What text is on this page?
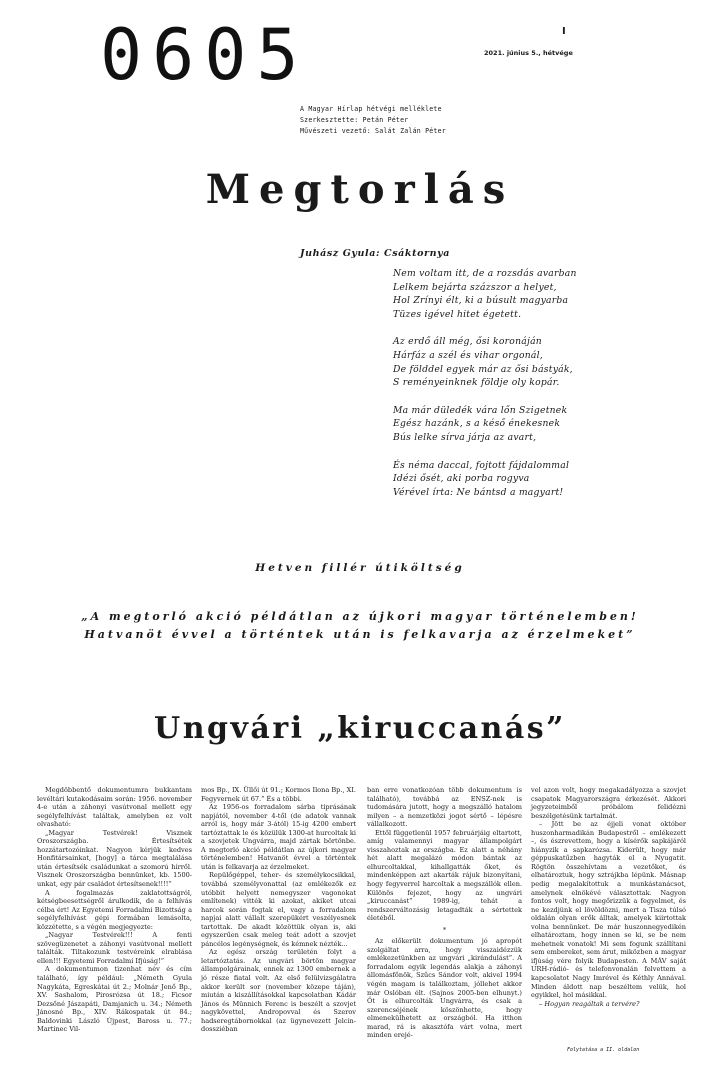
0605	I
2021. június 5., hétvége
A Magyar Hírlap hétvégi melléklete
Szerkesztette: Petán Péter
Művészeti vezető: Salát Zalán Péter
Megtorlás
Juhász Gyula: Csáktornya
Nem voltam itt, de a rozsdás avarban
Lelkem bejárta százszor a helyet,
Hol Zrínyi élt, ki a búsult magyarba
Tüzes igével hitet égetett.
Az erdő áll még, ősi koronáján
Hárfáz a szél és vihar orgonál,
De földdel egyek már az ősi bástyák,
S reményeinknek földje oly kopár.
Ma már düledék vára lőn Szigetnek
Egész hazánk, s a késő énekesnek
Bús lelke sírva járja az avart,
És néma daccal, fojtott fájdalommal
Idézi ősét, aki porba rogyva
Vérével írta: Ne bántsd a magyart!
Hetven fillér útiköltség
„A megtorló akció példátlan az újkori magyar történelemben! Hatvanöt évvel a történtek után is felkavarja az érzelmeket”
Ungvári „kiruccanás”

Megdöbbentő dokumentumra bukkantam levéltári kutakodásaim során: 1956. november 4-e után a záhonyi vasútvonal mellett egy segélyfelhívást találtak, amelyben ez volt olvasható:

„Magyar Testvérek! Visznek Oroszországba. Értesítsétek hozzátartozóinkat. Nagyon kérjük kedves Honfitársainkat, [hogy] a tárca megtalálása után értesítsék családunkat a szomorú hírről. Visznek Oroszországba bennünket, kb. 1500-unkat, egy pár családot értesítsenek!!!!”

A fogalmazás zaklatottságról, kétségbeesettségről árulkodik, de a felhívás célba ért! Az Egyetemi Forradalmi Bizottság a segélyfelhívást gépi formában lemásolta, közzétette, s a végén megjegyezte:

„Nagyar Testvérek!!! A fenti szövegüzenetet a záhonyi vasútvonal mellett találták. Tiltakozunk testvéreink elrablása ellen!!! Egyetemi Forradalmi Ifjúság!”

A dokumentumon tizenhat név és cím található, így például: „Németh Gyula Nagykáta, Egreskátai út 2.; Molnár Jenő Bp., XV. Sashalom, Pirosrózsa út 18.; Ficsor Dezsőné Jászapáti, Damjanich u. 34.; Németh Jánosné Bp., XIV. Rákospatak út 84.; Baldovinki László Újpest, Baross u. 77.; Martinec Vil-

mos Bp., IX. Üllői út 91.; Kormos Ilona Bp., XI. Fegyvernek út 67.” És a többi.

Az 1956-os forradalom sárba tiprásának napjától, november 4-től (de adatok vannak arról is, hogy már 3-ától) 15-ig 4200 embert tartóztattak le és közülük 1300-at hurcoltak ki a szovjetek Ungvárra, majd zártak börtönbe. A megtorló akció példátlan az újkori magyar történelemben! Hatvanöt évvel a történtek után is felkavarja az érzelmeket.

Repülőgéppel, teher- és személykocsikkal, továbbá személyvonattal (az emlékezők ez utóbbit helyett nemegyszer vagonokat említenek) vitték ki azokat, akiket utcai harcok során fogtak el, vagy a forradalom napjai alatt vállalt szerepükért veszélyesnek tartottak. De akadt közöttük olyan is, aki egyszerűen csak meleg teát adott a szovjet páncélos legénységnek, és kémnek nézték...

Az egész ország területén folyt a letartóztatás. Az ungvári börtön magyar állampolgárainak, ennek az 1300 embernek a jó része fiatal volt. Az első felülvizsgálatra akkor került sor (november közepe táján), miután a kiszállításokkal kapcsolatban Kádár János és Münnich Ferenc is beszélt a szovjet nagykövettel, Andropovval és Szerov hadseregtábornokkal (az ügynevezett Jelcin-dossziéban

ban erre vonatkozóan több dokumentum is található), továbbá az ENSZ-nek is tudomására jutott, hogy a megszálló hatalom milyen – a nemzetközi jogot sértő – lépésre vállalkozott.

Ettől függetlenül 1957 februárjáig eltartott, amíg valamennyi magyar állampolgárt visszahoztak az országba. Ez alatt a néhány hét alatt megalázó módon bántak az elhurcoltakkal, kihallgatták őket, és mindenképpen azt akarták rájuk bizonyítani, hogy fegyverrel harcoltak a megszállók ellen. Különös fejezet, hogy az ungvári „kiruccanást” 1989-ig, tehát a rendszerváltozásig letagadták a sértettek életéből.

*

Az előkerült dokumentum jó apropót szolgáltat arra, hogy visszaidézzük emlékezetünkben az ungvári „kirándulást”. A forradalom egyik legendás alakja a záhonyi állomásfőnök, Szűcs Sándor volt, akivel 1994 végén magam is találkoztam, jóllehet akkor már Oslóban élt. (Sajnos 2005-ben elhunyt.) Őt is elhurcolták Ungvárra, és csak a szerencséjének köszönhette, hogy elmenekülhetett az országból. Ha itthon marad, rá is akasztófa várt volna, mert minden erejé-

vel azon volt, hogy megakadályozza a szovjet csapatok Magyarországra érkezését. Akkori jegyzeteimből próbálom felidézni beszélgetésünk tartalmát.

– Jött be az éjjeli vonat október huszonharmadikán Budapestről – emlékezett –, és észrevettem, hogy a kísérők sapkájáról hiányzik a sapkarózsa. Kiderült, hogy már géppuskatűzben hagyták el a Nyugatit. Rögtön összehívtam a vezetőket, és elhatároztuk, hogy sztrájkba lépünk. Másnap pedig megalakítottuk a munkástanácsot, amelynek elnökévé választottak. Nagyon fontos volt, hogy megőrizzük a fegyelmet, és ne kezdjünk el lövöldözni, mert a Tisza túlsó oldalán olyan erők álltak, amelyek kiirtottak volna bennünket. De már huszonnegyedikén elhatároztam, hogy innen se ki, se be nem mehetnek vonatok! Mi sem fogunk szállítani sem embereket, sem árut, miközben a magyar ifjúság vére folyik Budapesten. A MÁV saját URH-rádió- és telefonvonalán felvettem a kapcsolatot Nagy Imrével és Kéthly Annával. Minden áldott nap beszéltem velük, hol egyikkel, hol másikkal.

– Hogyan reagáltak a tervére?

Folytatása a II. oldalon
